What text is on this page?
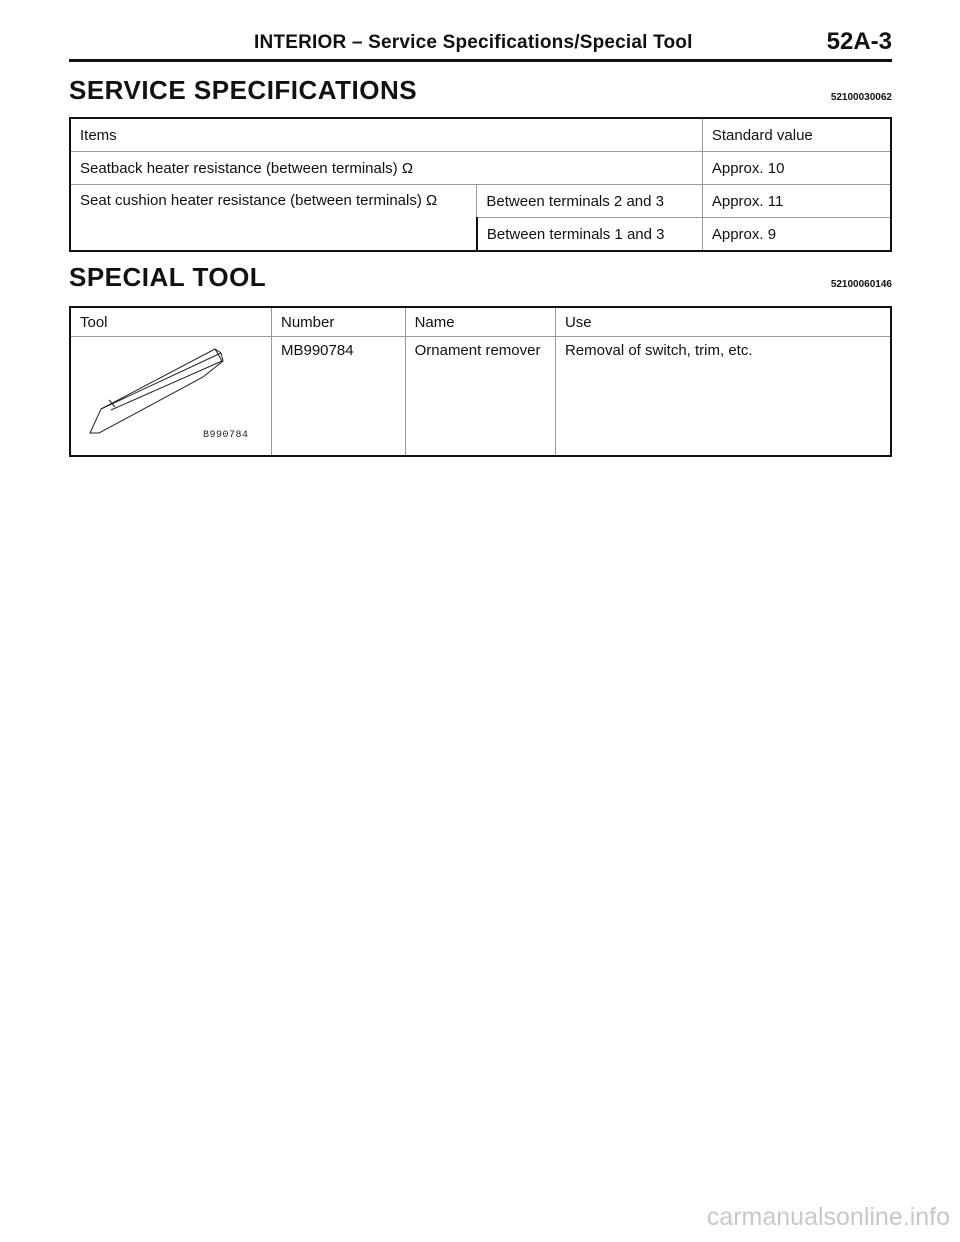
INTERIOR – Service Specifications/Special Tool	52A-3
SERVICE SPECIFICATIONS	52100030062
Items		Standard value
Seatback heater resistance (between terminals) Ω		Approx. 10
Seat cushion heater resistance (between terminals) Ω	Between terminals 2 and 3	Approx. 11
	Between terminals 1 and 3	Approx. 9
SPECIAL TOOL	52100060146
Tool	Number	Name	Use

B990784	MB990784	Ornament remover	Removal of switch, trim, etc.
carmanualsonline.info
